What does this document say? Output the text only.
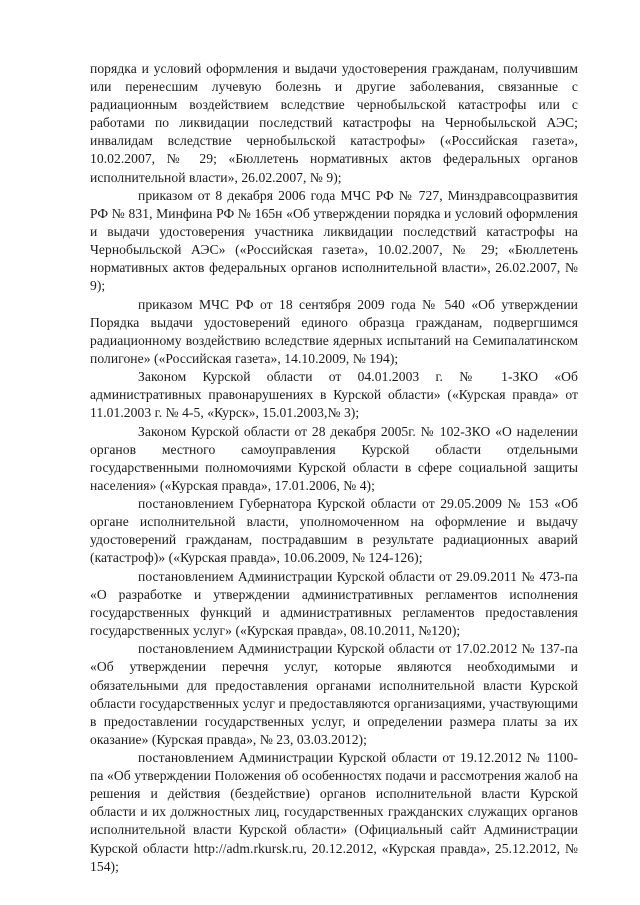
порядка и условий оформления и выдачи удостоверения гражданам, получившим или перенесшим лучевую болезнь и другие заболевания, связанные с радиационным воздействием вследствие чернобыльской катастрофы или с работами по ликвидации последствий катастрофы на Чернобыльской АЭС; инвалидам вследствие чернобыльской катастрофы» («Российская газета», 10.02.2007, № 29; «Бюллетень нормативных актов федеральных органов исполнительной власти», 26.02.2007, № 9);

приказом от 8 декабря 2006 года МЧС РФ № 727, Минздравсоцразвития РФ № 831, Минфина РФ № 165н «Об утверждении порядка и условий оформления и выдачи удостоверения участника ликвидации последствий катастрофы на Чернобыльской АЭС» («Российская газета», 10.02.2007, № 29; «Бюллетень нормативных актов федеральных органов исполнительной власти», 26.02.2007, № 9);

приказом МЧС РФ от 18 сентября 2009 года № 540 «Об утверждении Порядка выдачи удостоверений единого образца гражданам, подвергшимся радиационному воздействию вследствие ядерных испытаний на Семипалатинском полигоне» («Российская газета», 14.10.2009, № 194);

Законом Курской области от 04.01.2003 г. № 1-ЗКО «Об административных правонарушениях в Курской области» («Курская правда» от 11.01.2003 г. № 4-5, «Курск», 15.01.2003,№ 3);

Законом Курской области от 28 декабря 2005г. № 102-ЗКО «О наделении органов местного самоуправления Курской области отдельными государственными полномочиями Курской области в сфере социальной защиты населения» («Курская правда», 17.01.2006, № 4);

постановлением Губернатора Курской области от 29.05.2009 № 153 «Об органе исполнительной власти, уполномоченном на оформление и выдачу удостоверений гражданам, пострадавшим в результате радиационных аварий (катастроф)» («Курская правда», 10.06.2009, № 124-126);

постановлением Администрации Курской области от 29.09.2011 № 473-па «О разработке и утверждении административных регламентов исполнения государственных функций и административных регламентов предоставления государственных услуг» («Курская правда», 08.10.2011, №120);

постановлением Администрации Курской области от 17.02.2012 № 137-па «Об утверждении перечня услуг, которые являются необходимыми и обязательными для предоставления органами исполнительной власти Курской области государственных услуг и предоставляются организациями, участвующими в предоставлении государственных услуг, и определении размера платы за их оказание» (Курская правда», № 23, 03.03.2012);

постановлением Администрации Курской области от 19.12.2012 № 1100-па «Об утверждении Положения об особенностях подачи и рассмотрения жалоб на решения и действия (бездействие) органов исполнительной власти Курской области и их должностных лиц, государственных гражданских служащих органов исполнительной власти Курской области» (Официальный сайт Администрации Курской области http://adm.rkursk.ru, 20.12.2012, «Курская правда», 25.12.2012, № 154);
